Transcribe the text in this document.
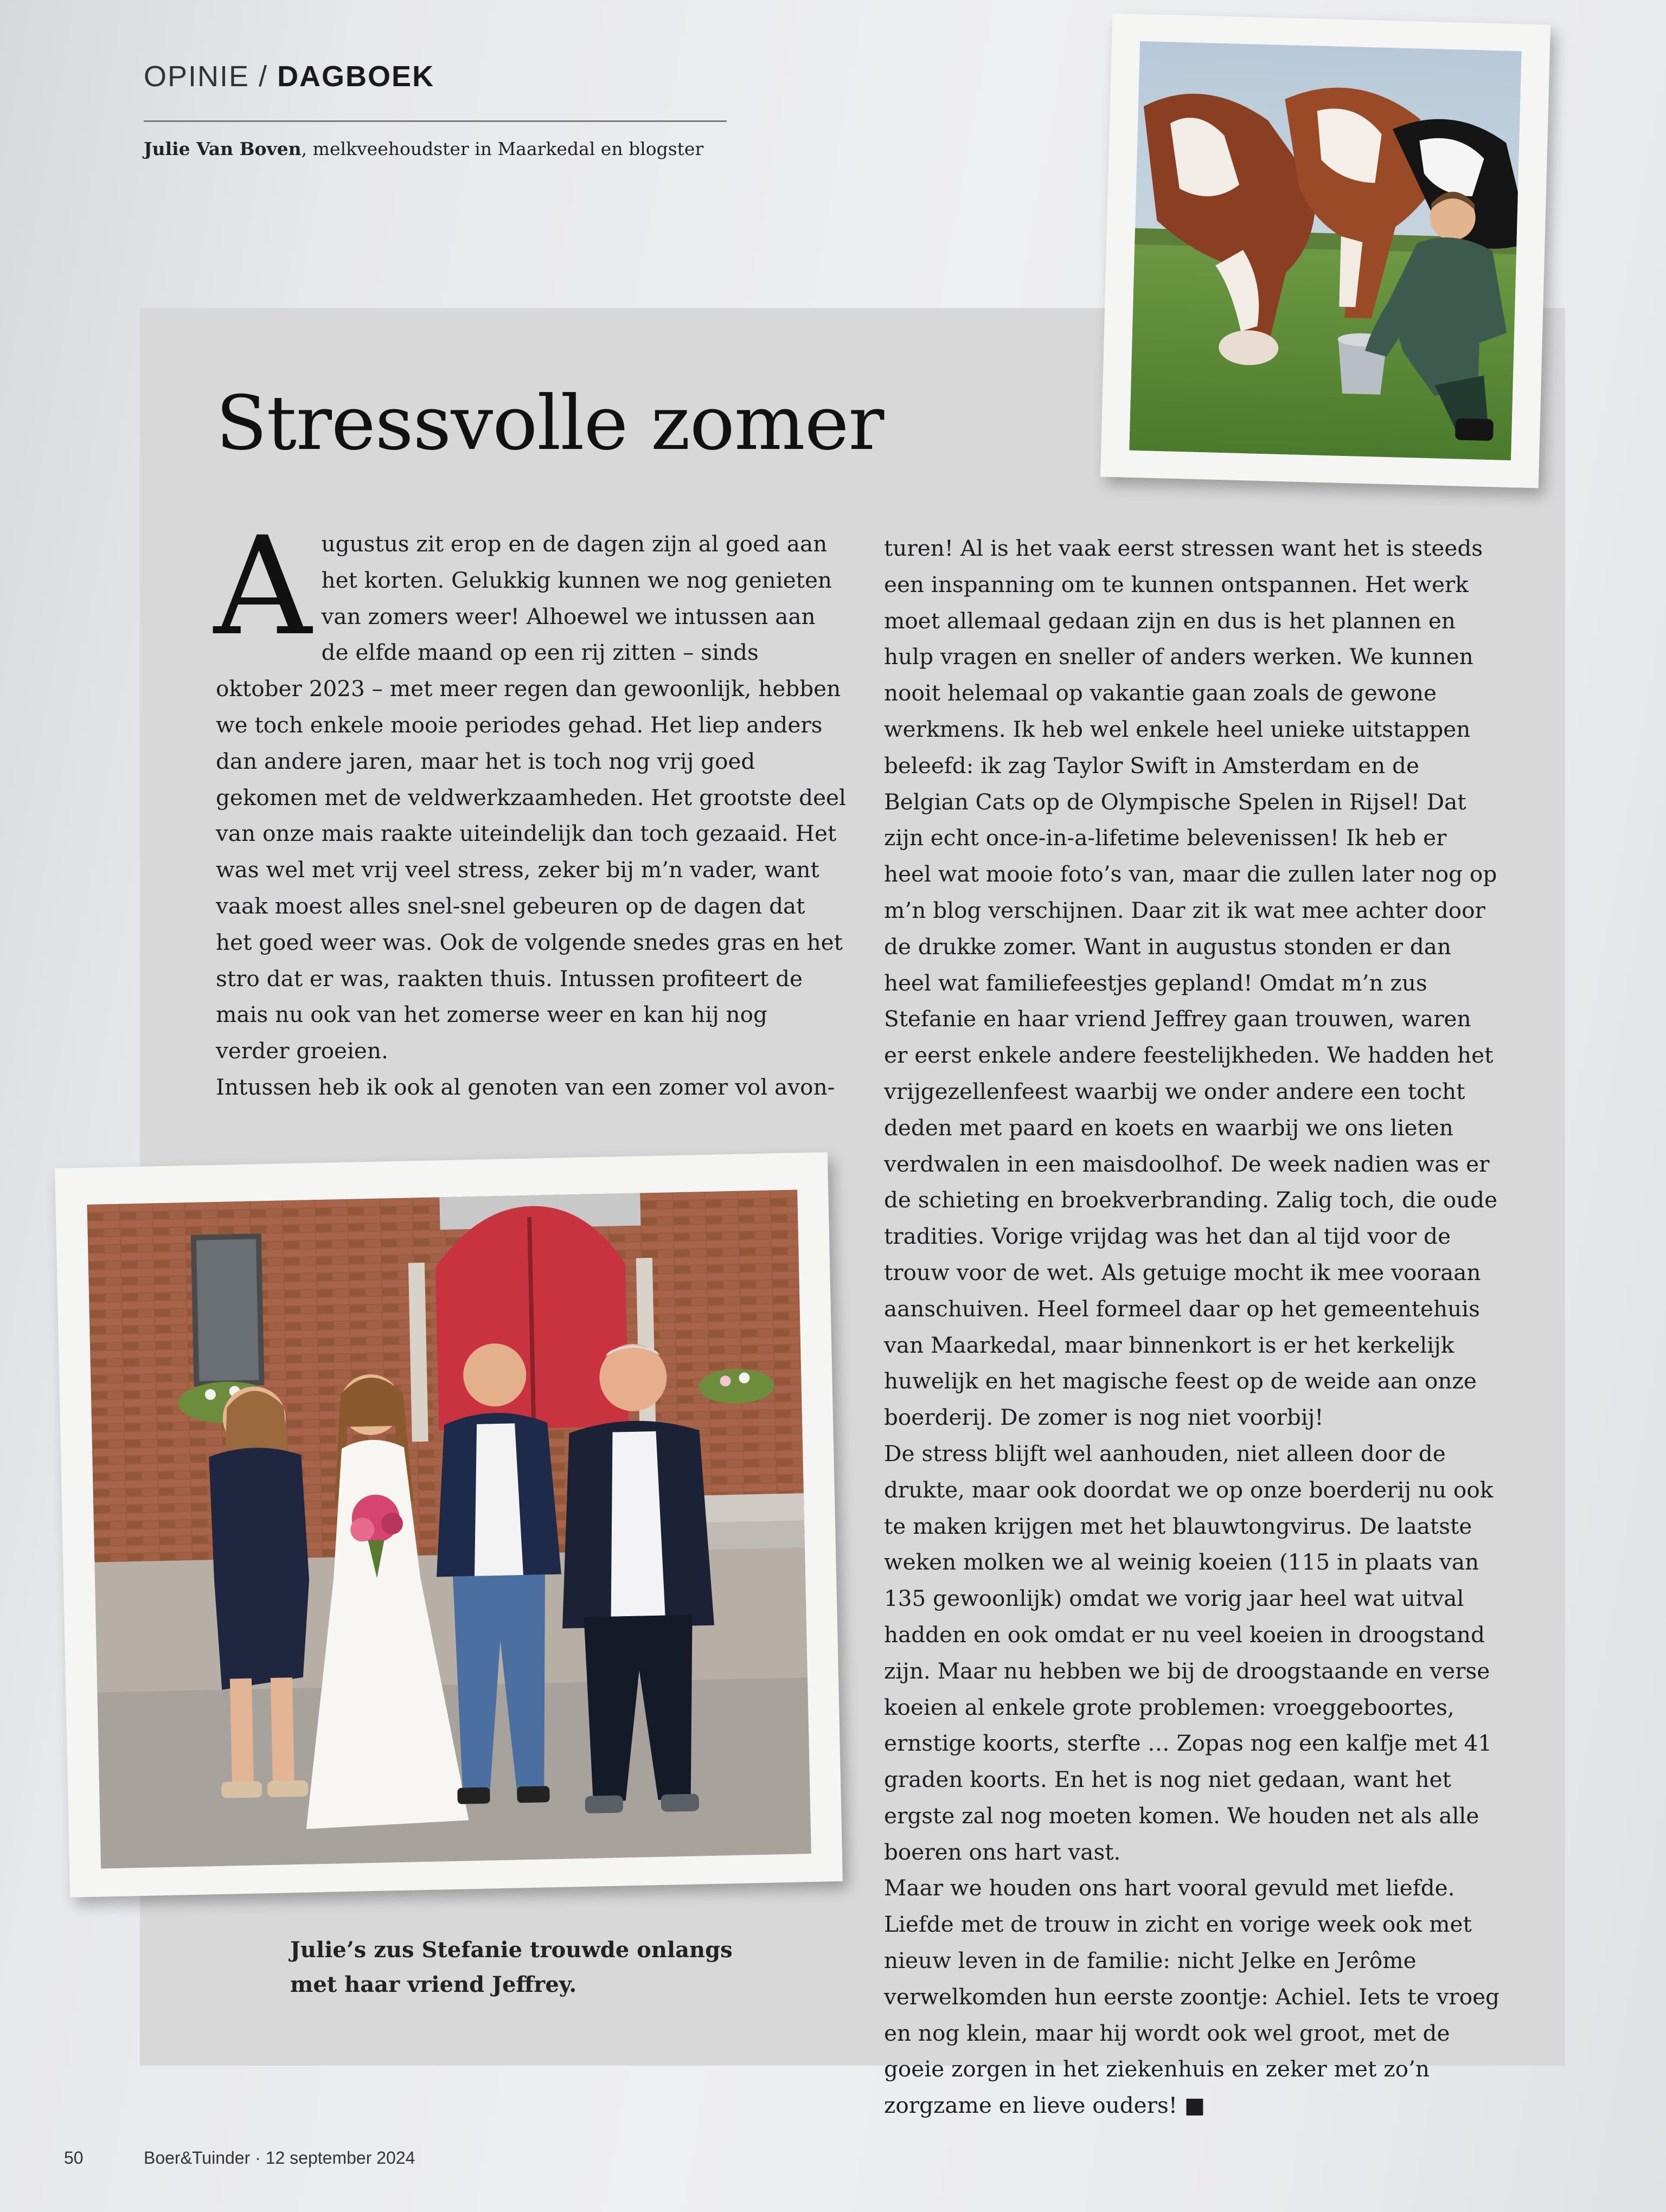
OPINIE / DAGBOEK
Julie Van Boven, melkveehoudster in Maarkedal en blogster
Stressvolle zomer

Augustus zit erop en de dagen zijn al goed aan het korten. Gelukkig kunnen we nog genieten van zomers weer! Alhoewel we intussen aan de elfde maand op een rij zitten – sinds oktober 2023 – met meer regen dan gewoonlijk, hebben we toch enkele mooie periodes gehad. Het liep anders dan andere jaren, maar het is toch nog vrij goed gekomen met de veldwerkzaamheden. Het grootste deel van onze mais raakte uiteindelijk dan toch gezaaid. Het was wel met vrij veel stress, zeker bij m’n vader, want vaak moest alles snel-snel gebeuren op de dagen dat het goed weer was. Ook de volgende snedes gras en het stro dat er was, raakten thuis. Intussen profiteert de mais nu ook van het zomerse weer en kan hij nog verder groeien.

Intussen heb ik ook al genoten van een zomer vol avon-

turen! Al is het vaak eerst stressen want het is steeds een inspanning om te kunnen ontspannen. Het werk moet allemaal gedaan zijn en dus is het plannen en hulp vragen en sneller of anders werken. We kunnen nooit helemaal op vakantie gaan zoals de gewone werkmens. Ik heb wel enkele heel unieke uitstappen beleefd: ik zag Taylor Swift in Amsterdam en de Belgian Cats op de Olympische Spelen in Rijsel! Dat zijn echt once-in-a-lifetime belevenissen! Ik heb er heel wat mooie foto’s van, maar die zullen later nog op m’n blog verschijnen. Daar zit ik wat mee achter door de drukke zomer. Want in augustus stonden er dan heel wat familiefeestjes gepland! Omdat m’n zus Stefanie en haar vriend Jeffrey gaan trouwen, waren er eerst enkele andere feestelijkheden. We hadden het vrijgezellenfeest waarbij we onder andere een tocht deden met paard en koets en waarbij we ons lieten verdwalen in een maisdoolhof. De week nadien was er de schieting en broekverbranding. Zalig toch, die oude tradities. Vorige vrijdag was het dan al tijd voor de trouw voor de wet. Als getuige mocht ik mee vooraan aanschuiven. Heel formeel daar op het gemeentehuis van Maarkedal, maar binnenkort is er het kerkelijk huwelijk en het magische feest op de weide aan onze boerderij. De zomer is nog niet voorbij!

De stress blijft wel aanhouden, niet alleen door de drukte, maar ook doordat we op onze boerderij nu ook te maken krijgen met het blauwtongvirus. De laatste weken molken we al weinig koeien (115 in plaats van 135 gewoonlijk) omdat we vorig jaar heel wat uitval hadden en ook omdat er nu veel koeien in droogstand zijn. Maar nu hebben we bij de droogstaande en verse koeien al enkele grote problemen: vroeggeboortes, ernstige koorts, sterfte … Zopas nog een kalfje met 41 graden koorts. En het is nog niet gedaan, want het ergste zal nog moeten komen. We houden net als alle boeren ons hart vast.

Maar we houden ons hart vooral gevuld met liefde. Liefde met de trouw in zicht en vorige week ook met nieuw leven in de familie: nicht Jelke en Jerôme verwelkomden hun eerste zoontje: Achiel. Iets te vroeg en nog klein, maar hij wordt ook wel groot, met de goeie zorgen in het ziekenhuis en zeker met zo’n zorgzame en lieve ouders! ■

Julie’s zus Stefanie trouwde onlangs
met haar vriend Jeffrey.
50	Boer&Tuinder · 12 september 2024
